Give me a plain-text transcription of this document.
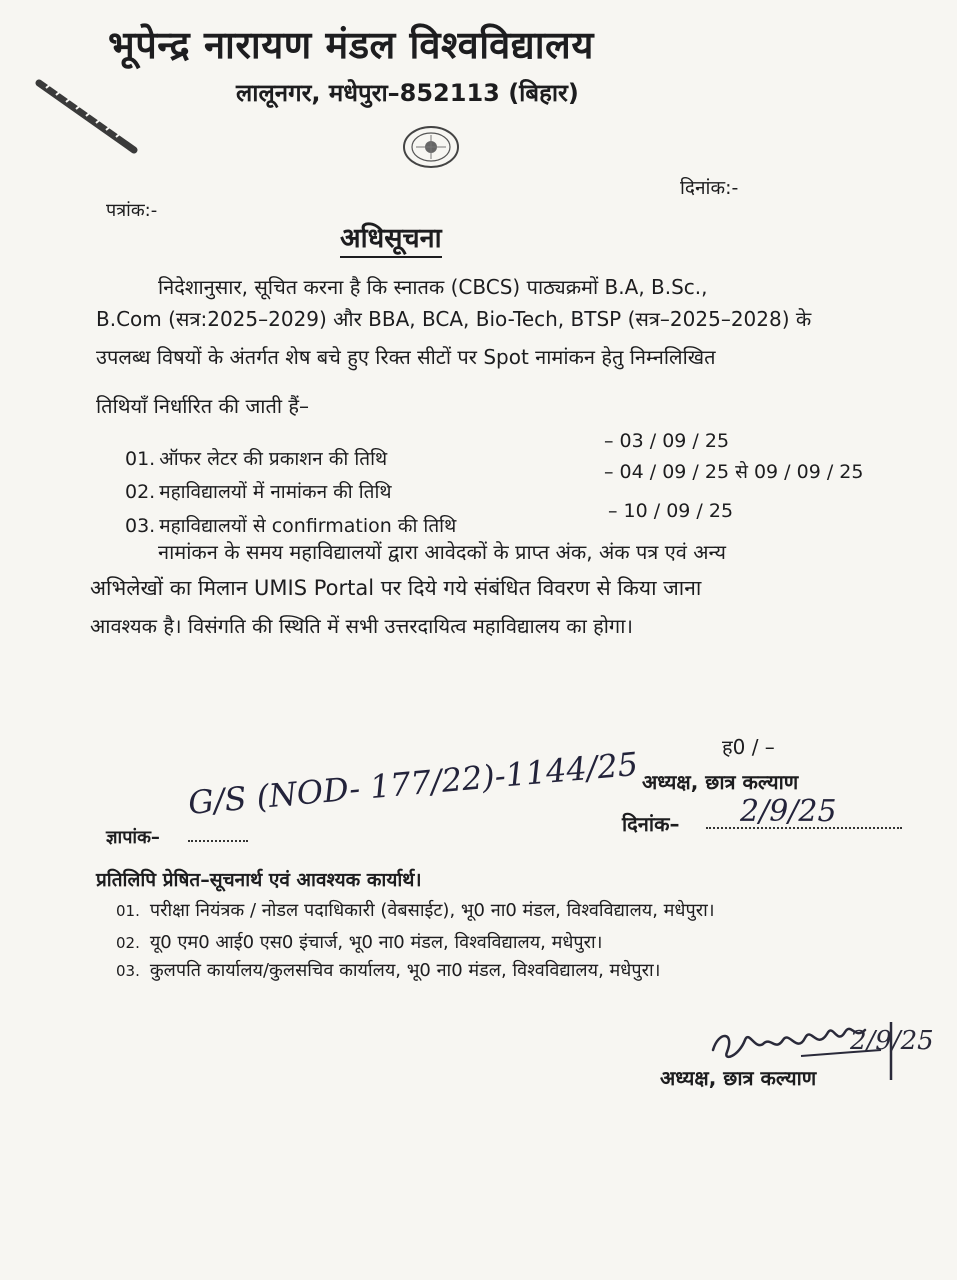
भूपेन्द्र नारायण मंडल विश्वविद्यालय
लालूनगर, मधेपुरा–852113 (बिहार)
पत्रांक:-
दिनांक:-
अधिसूचना
निदेशानुसार, सूचित करना है कि स्नातक (CBCS) पाठ्यक्रमों B.A, B.Sc.,
B.Com (सत्र:2025–2029) और BBA, BCA, Bio-Tech, BTSP (सत्र–2025–2028) के
उपलब्ध विषयों के अंतर्गत शेष बचे हुए रिक्त सीटों पर Spot नामांकन हेतु निम्नलिखित
तिथियाँ निर्धारित की जाती हैं–
01. ऑफर लेटर की प्रकाशन की तिथि
– 03 / 09 / 25
02. महाविद्यालयों में नामांकन की तिथि
– 04 / 09 / 25 से 09 / 09 / 25
03. महाविद्यालयों से confirmation की तिथि
– 10 / 09 / 25
नामांकन के समय महाविद्यालयों द्वारा आवेदकों के प्राप्त अंक, अंक पत्र एवं अन्य
अभिलेखों का मिलान UMIS Portal पर दिये गये संबंधित विवरण से किया जाना
आवश्यक है। विसंगति की स्थिति में सभी उत्तरदायित्व महाविद्यालय का होगा।
ह0 / –
अध्यक्ष, छात्र कल्याण
ज्ञापांक–
G/S (NOD- 177/22)-1144/25
दिनांक– 2/9/25
प्रतिलिपि प्रेषित–सूचनार्थ एवं आवश्यक कार्यार्थ।
01. परीक्षा नियंत्रक / नोडल पदाधिकारी (वेबसाईट), भू0 ना0 मंडल, विश्वविद्यालय, मधेपुरा।
02. यू0 एम0 आई0 एस0 इंचार्ज, भू0 ना0 मंडल, विश्वविद्यालय, मधेपुरा।
03. कुलपति कार्यालय/कुलसचिव कार्यालय, भू0 ना0 मंडल, विश्वविद्यालय, मधेपुरा।
2/9/25
अध्यक्ष, छात्र कल्याण
